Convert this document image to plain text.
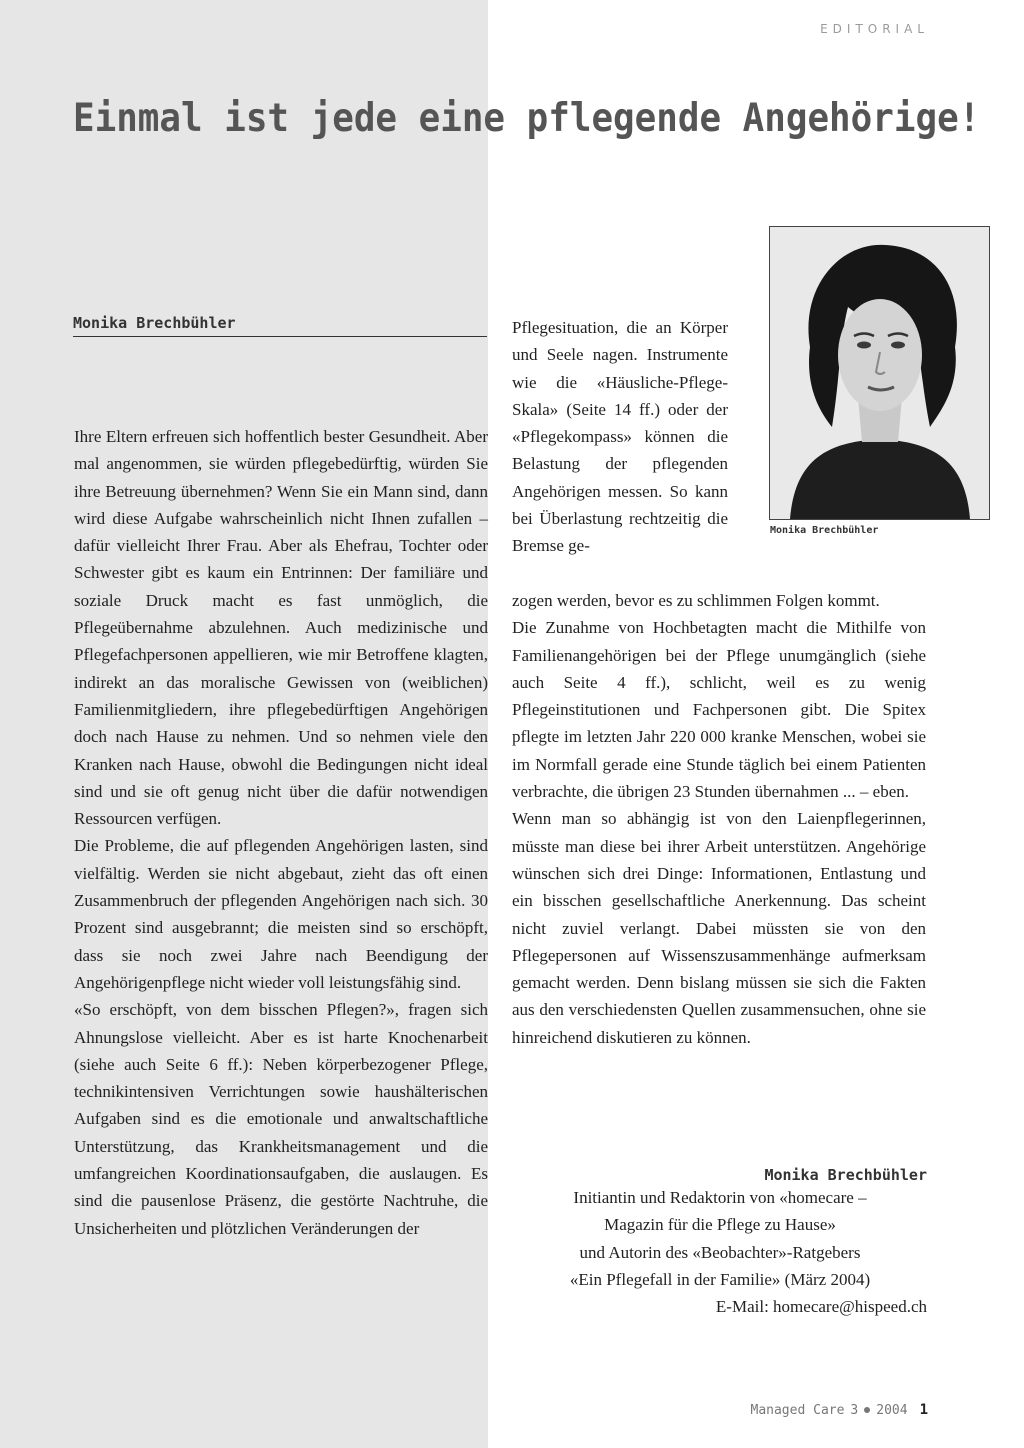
EDITORIAL
Einmal ist jede eine pflegende Angehörige!
Monika Brechbühler

Ihre Eltern erfreuen sich hoffentlich bester Gesundheit. Aber mal angenommen, sie würden pflegebedürftig, würden Sie ihre Betreuung übernehmen? Wenn Sie ein Mann sind, dann wird diese Aufgabe wahrscheinlich nicht Ihnen zufallen – dafür vielleicht Ihrer Frau. Aber als Ehefrau, Tochter oder Schwester gibt es kaum ein Entrinnen: Der familiäre und soziale Druck macht es fast unmöglich, die Pflegeübernahme abzulehnen. Auch medizinische und Pflegefachpersonen appellieren, wie mir Betroffene klagten, indirekt an das moralische Gewissen von (weiblichen) Familienmitgliedern, ihre pflegebedürftigen Angehörigen doch nach Hause zu nehmen. Und so nehmen viele den Kranken nach Hause, obwohl die Bedingungen nicht ideal sind und sie oft genug nicht über die dafür notwendigen Ressourcen verfügen.

Die Probleme, die auf pflegenden Angehörigen lasten, sind vielfältig. Werden sie nicht abgebaut, zieht das oft einen Zusammenbruch der pflegenden Angehörigen nach sich. 30 Prozent sind ausgebrannt; die meisten sind so erschöpft, dass sie noch zwei Jahre nach Beendigung der Angehörigenpflege nicht wieder voll leistungsfähig sind.

«So erschöpft, von dem bisschen Pflegen?», fragen sich Ahnungslose vielleicht. Aber es ist harte Knochenarbeit (siehe auch Seite 6 ff.): Neben körperbezogener Pflege, technikintensiven Verrichtungen sowie haushälterischen Aufgaben sind es die emotionale und anwaltschaftliche Unterstützung, das Krankheitsmanagement und die umfangreichen Koordinationsaufgaben, die auslaugen. Es sind die pausenlose Präsenz, die gestörte Nachtruhe, die Unsicherheiten und plötzlichen Veränderungen der

Pflegesituation, die an Körper und Seele nagen. Instrumente wie die «Häusliche-Pflege-Skala» (Seite 14 ff.) oder der «Pflegekompass» können die Belastung der pflegenden Angehörigen messen. So kann bei Überlastung rechtzeitig die Bremse ge-

Monika Brechbühler

zogen werden, bevor es zu schlimmen Folgen kommt.

Die Zunahme von Hochbetagten macht die Mithilfe von Familienangehörigen bei der Pflege unumgänglich (siehe auch Seite 4 ff.), schlicht, weil es zu wenig Pflegeinstitutionen und Fachpersonen gibt. Die Spitex pflegte im letzten Jahr 220 000 kranke Menschen, wobei sie im Normfall gerade eine Stunde täglich bei einem Patienten verbrachte, die übrigen 23 Stunden übernahmen ... – eben.

Wenn man so abhängig ist von den Laienpflegerinnen, müsste man diese bei ihrer Arbeit unterstützen. Angehörige wünschen sich drei Dinge: Informationen, Entlastung und ein bisschen gesellschaftliche Anerkennung. Das scheint nicht zuviel verlangt. Dabei müssten sie von den Pflegepersonen auf Wissenszusammenhänge aufmerksam gemacht werden. Denn bislang müssen sie sich die Fakten aus den verschiedensten Quellen zusammensuchen, ohne sie hinreichend diskutieren zu können.

Monika Brechbühler
Initiantin und Redaktorin von «homecare –
Magazin für die Pflege zu Hause»
und Autorin des «Beobachter»-Ratgebers
«Ein Pflegefall in der Familie» (März 2004)
E-Mail: homecare@hispeed.ch
Managed Care 3 2004 1
